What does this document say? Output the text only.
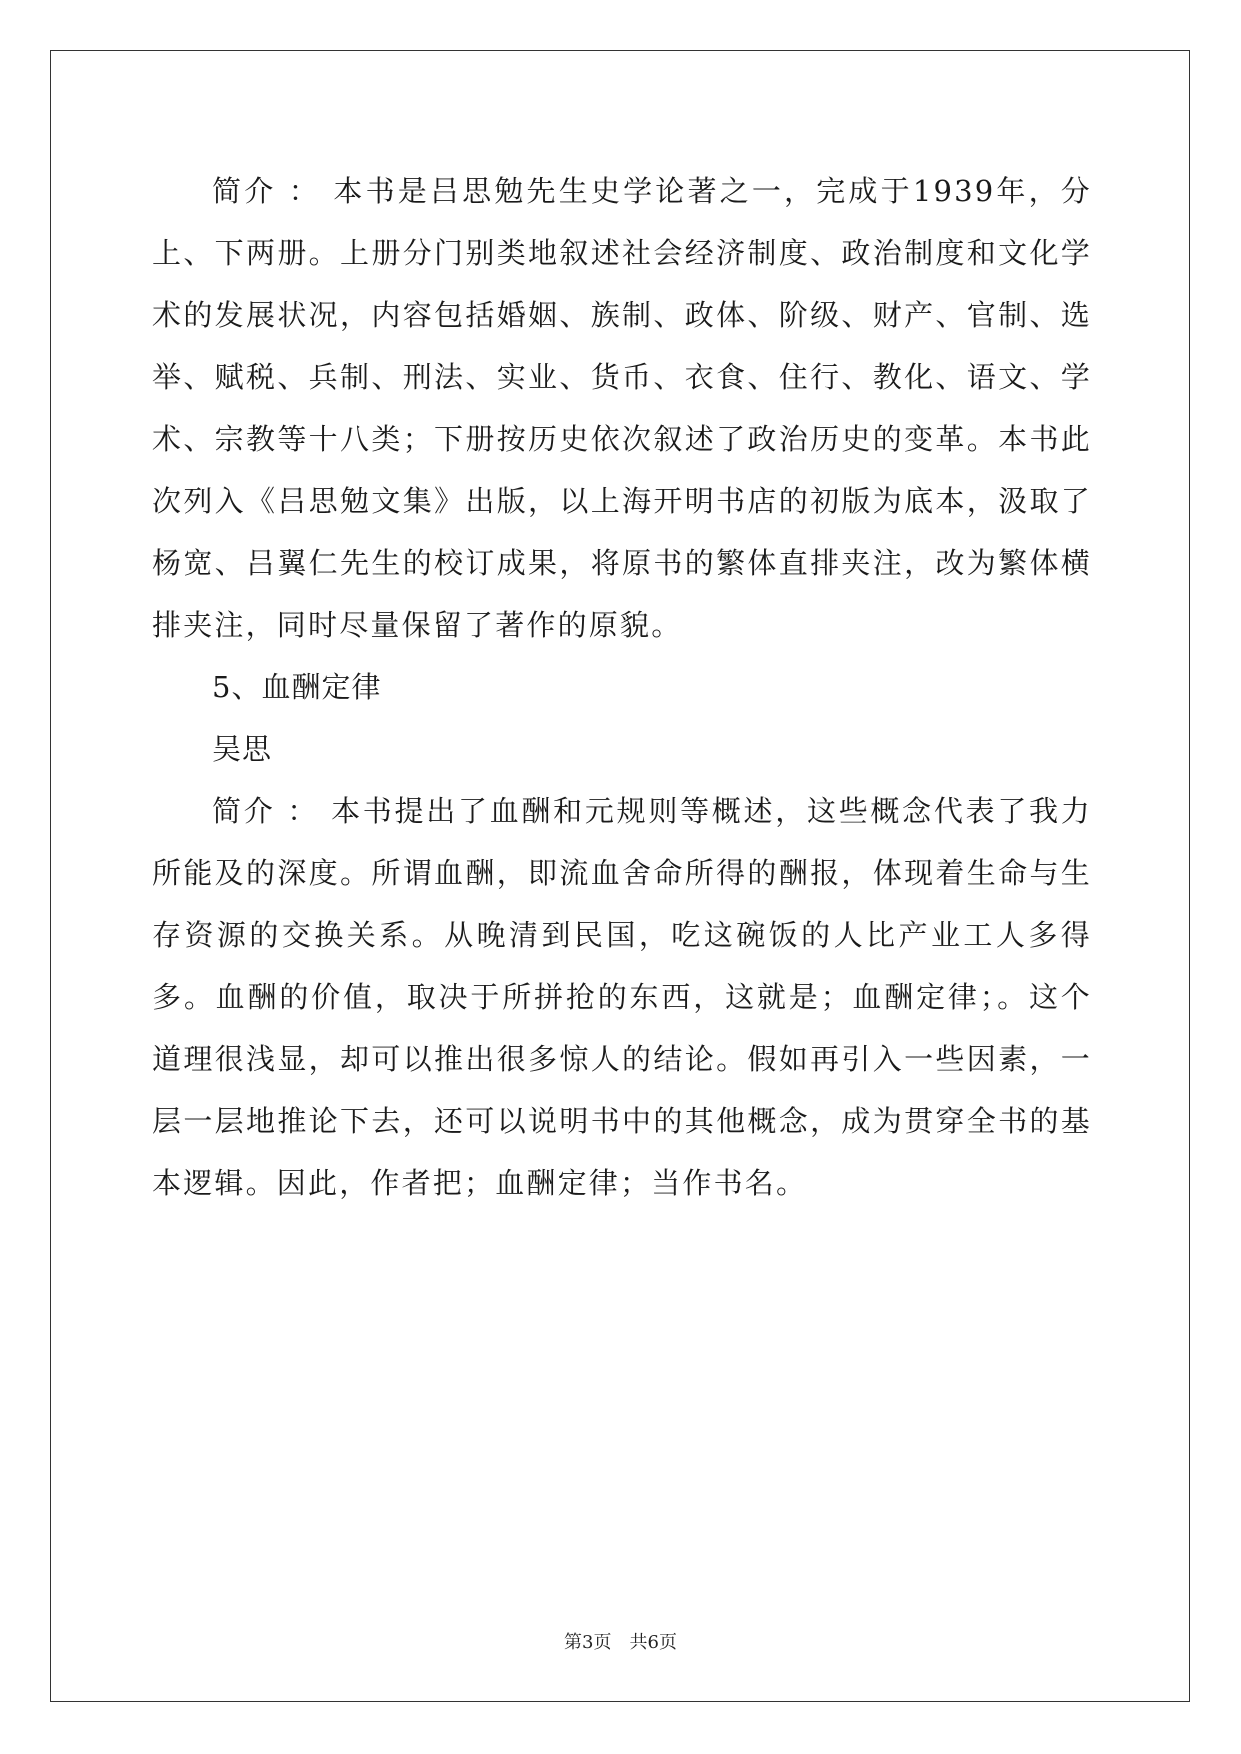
简介 ： 本书是吕思勉先生史学论著之一，完成于1939年，分上、下两册。上册分门别类地叙述社会经济制度、政治制度和文化学术的发展状况，内容包括婚姻、族制、政体、阶级、财产、官制、选举、赋税、兵制、刑法、实业、货币、衣食、住行、教化、语文、学术、宗教等十八类；下册按历史依次叙述了政治历史的变革。本书此次列入《吕思勉文集》出版，以上海开明书店的初版为底本，汲取了杨宽、吕翼仁先生的校订成果，将原书的繁体直排夹注，改为繁体横排夹注，同时尽量保留了著作的原貌。

5、血酬定律

吴思

简介 ： 本书提出了血酬和元规则等概述，这些概念代表了我力所能及的深度。所谓血酬，即流血舍命所得的酬报，体现着生命与生存资源的交换关系。从晚清到民国，吃这碗饭的人比产业工人多得多。血酬的价值，取决于所拼抢的东西，这就是；血酬定律；。这个道理很浅显，却可以推出很多惊人的结论。假如再引入一些因素，一层一层地推论下去，还可以说明书中的其他概念，成为贯穿全书的基本逻辑。因此，作者把；血酬定律；当作书名。

第3页　共6页
